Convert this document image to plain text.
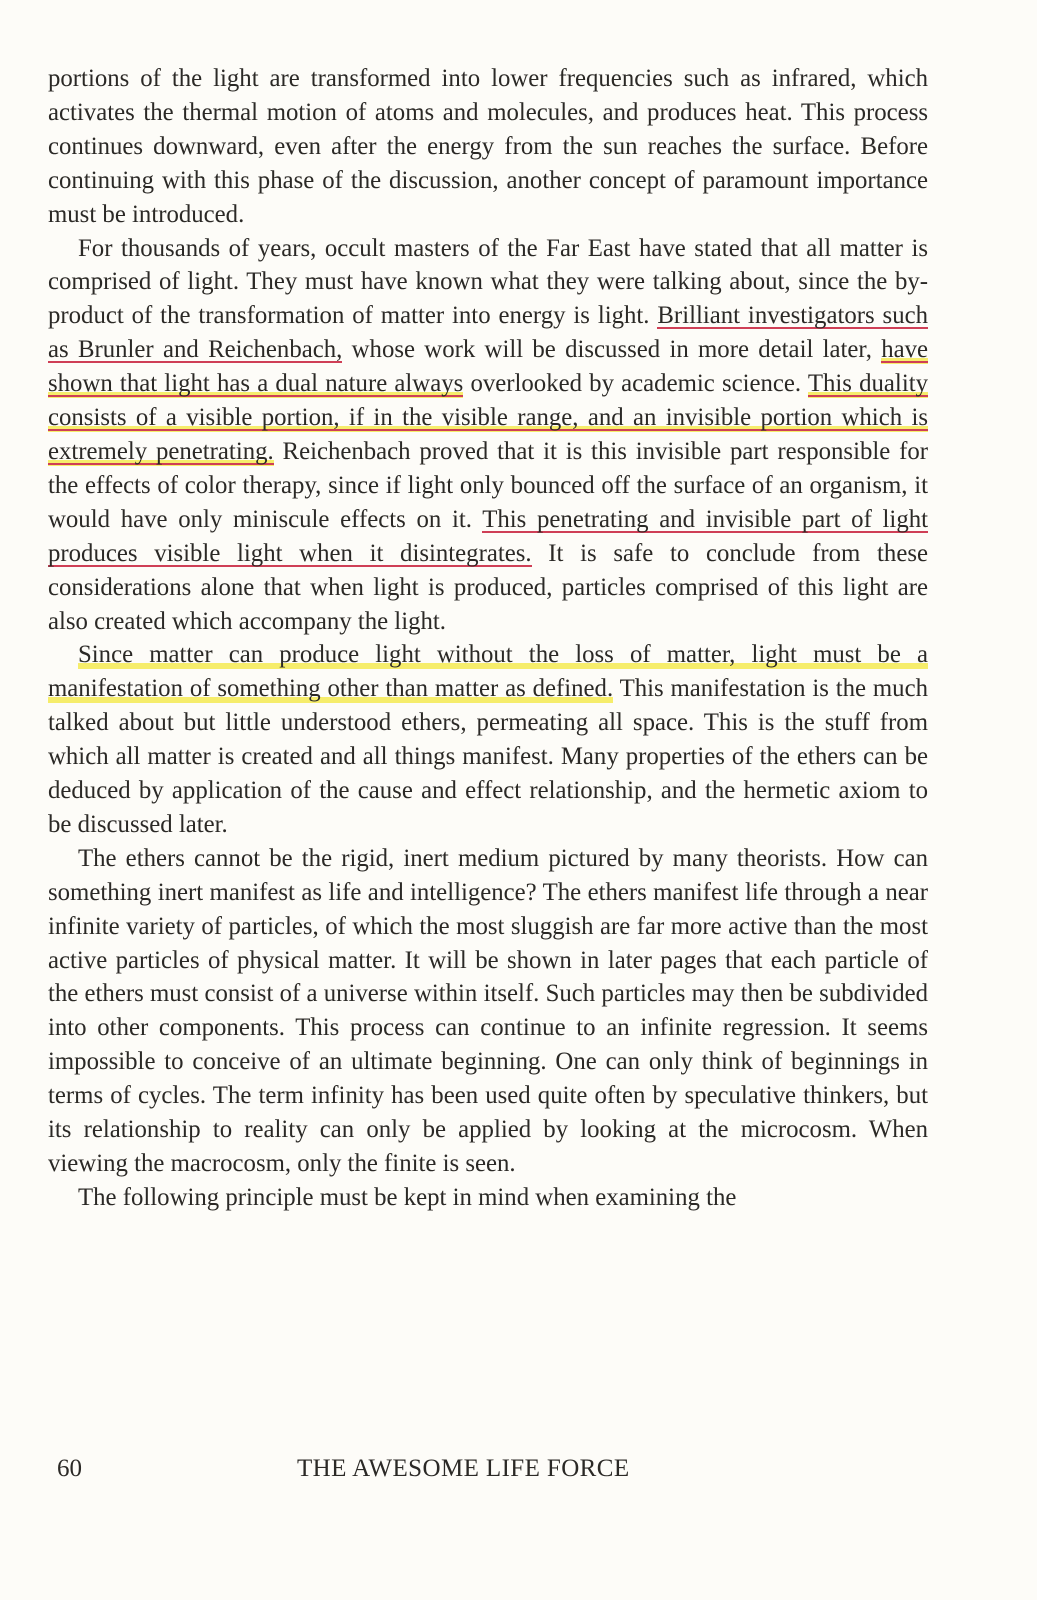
portions of the light are transformed into lower frequencies such as infrared, which activates the thermal motion of atoms and molecules, and produces heat. This process continues downward, even after the energy from the sun reaches the surface. Before continuing with this phase of the discussion, another concept of paramount importance must be introduced.

For thousands of years, occult masters of the Far East have stated that all matter is comprised of light. They must have known what they were talking about, since the by-product of the transformation of matter into energy is light. Brilliant investigators such as Brunler and Reichenbach, whose work will be discussed in more detail later, have shown that light has a dual nature always overlooked by academic science. This duality consists of a visible portion, if in the visible range, and an invisible portion which is extremely penetrating. Reichenbach proved that it is this invisible part responsible for the effects of color therapy, since if light only bounced off the surface of an organism, it would have only miniscule effects on it. This penetrating and invisible part of light produces visible light when it disintegrates. It is safe to conclude from these considerations alone that when light is produced, particles comprised of this light are also created which accompany the light.

Since matter can produce light without the loss of matter, light must be a manifestation of something other than matter as defined. This manifestation is the much talked about but little understood ethers, permeating all space. This is the stuff from which all matter is created and all things manifest. Many properties of the ethers can be deduced by application of the cause and effect relationship, and the hermetic axiom to be discussed later.

The ethers cannot be the rigid, inert medium pictured by many theorists. How can something inert manifest as life and intelligence? The ethers manifest life through a near infinite variety of particles, of which the most sluggish are far more active than the most active particles of physical matter. It will be shown in later pages that each particle of the ethers must consist of a universe within itself. Such particles may then be subdivided into other components. This process can continue to an infinite regression. It seems impossible to conceive of an ultimate beginning. One can only think of beginnings in terms of cycles. The term infinity has been used quite often by speculative thinkers, but its relationship to reality can only be applied by looking at the microcosm. When viewing the macrocosm, only the finite is seen.

The following principle must be kept in mind when examining the

60	THE AWESOME LIFE FORCE
